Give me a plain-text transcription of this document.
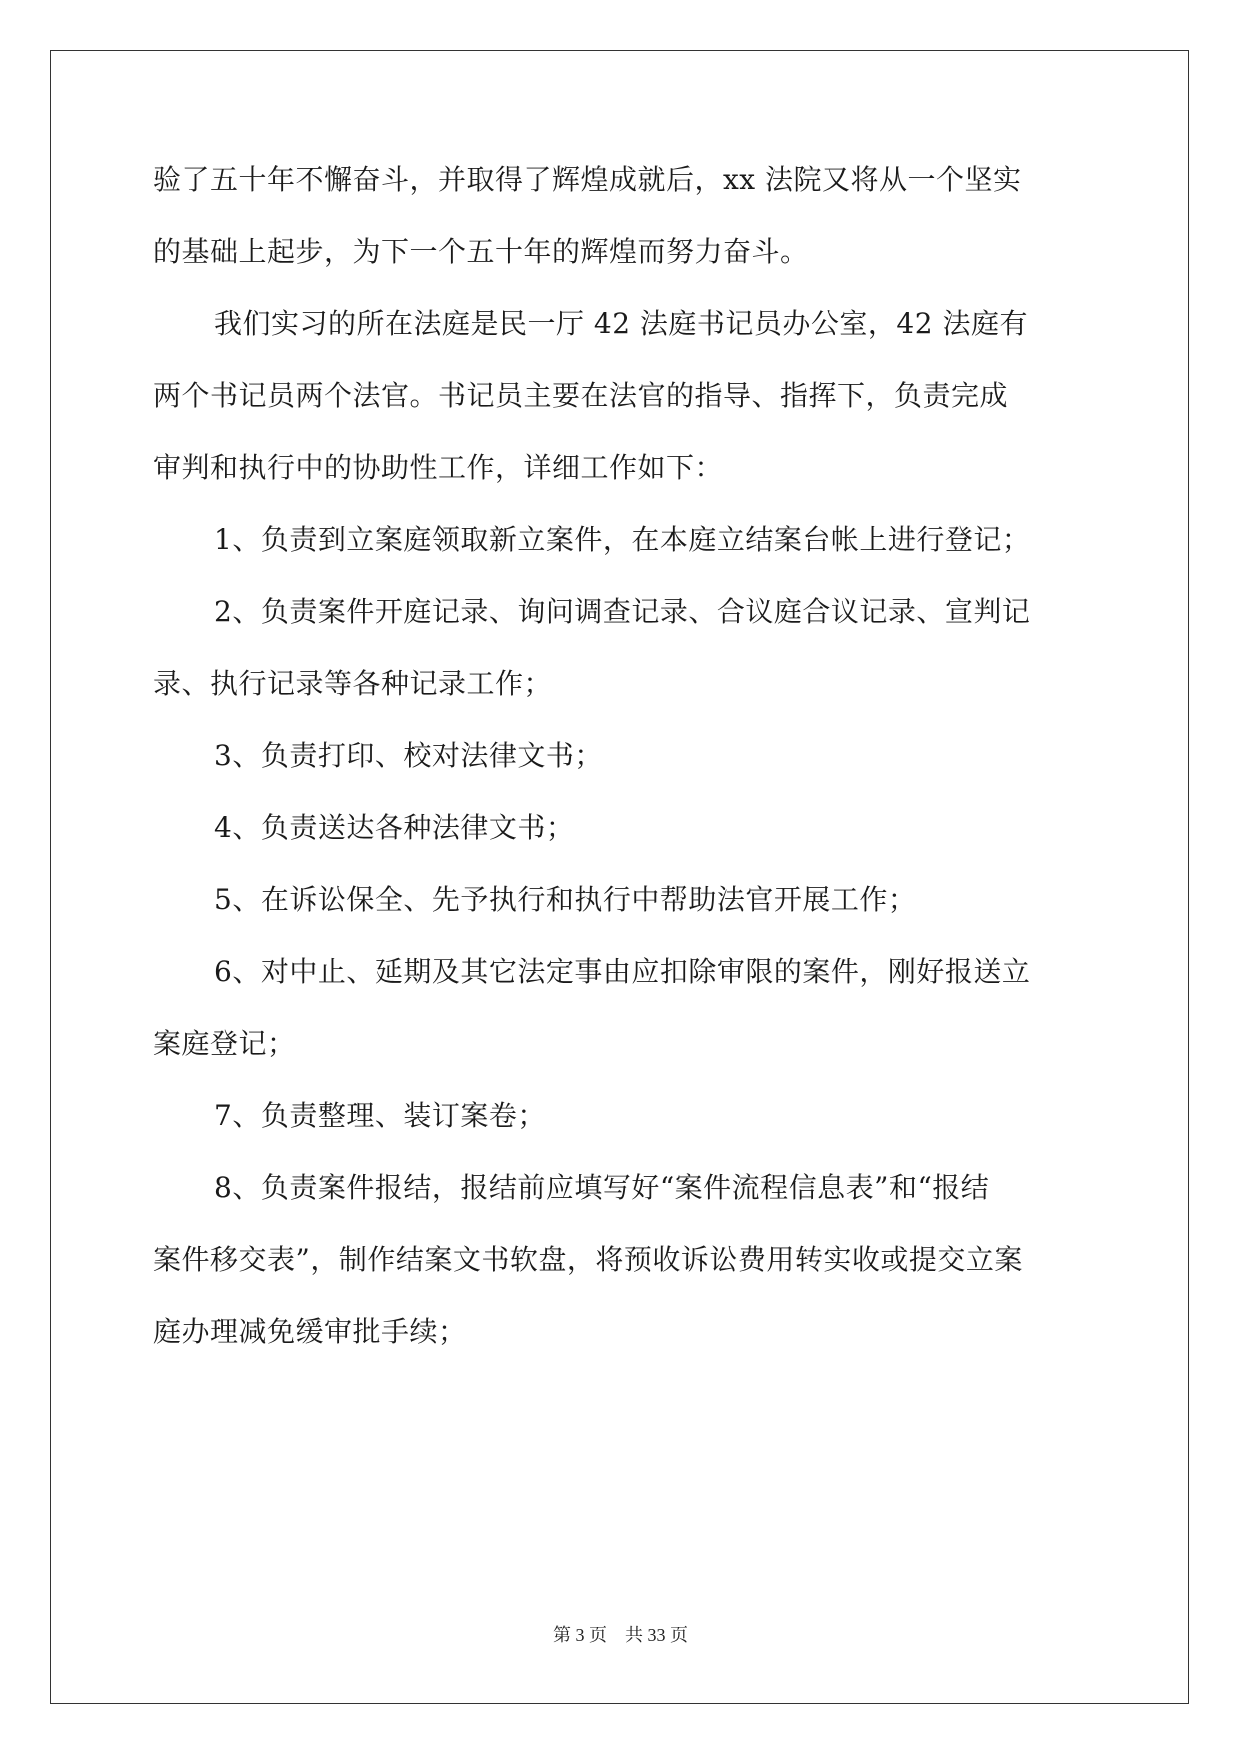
验了五十年不懈奋斗，并取得了辉煌成就后，xx 法院又将从一个坚实
的基础上起步，为下一个五十年的辉煌而努力奋斗。
我们实习的所在法庭是民一厅 42 法庭书记员办公室，42 法庭有
两个书记员两个法官。书记员主要在法官的指导、指挥下，负责完成
审判和执行中的协助性工作，详细工作如下：
1、负责到立案庭领取新立案件，在本庭立结案台帐上进行登记；
2、负责案件开庭记录、询问调查记录、合议庭合议记录、宣判记
录、执行记录等各种记录工作；
3、负责打印、校对法律文书；
4、负责送达各种法律文书；
5、在诉讼保全、先予执行和执行中帮助法官开展工作；
6、对中止、延期及其它法定事由应扣除审限的案件，刚好报送立
案庭登记；
7、负责整理、装订案卷；
8、负责案件报结，报结前应填写好“案件流程信息表”和“报结
案件移交表”，制作结案文书软盘，将预收诉讼费用转实收或提交立案
庭办理减免缓审批手续；
第 3 页 共 33 页
